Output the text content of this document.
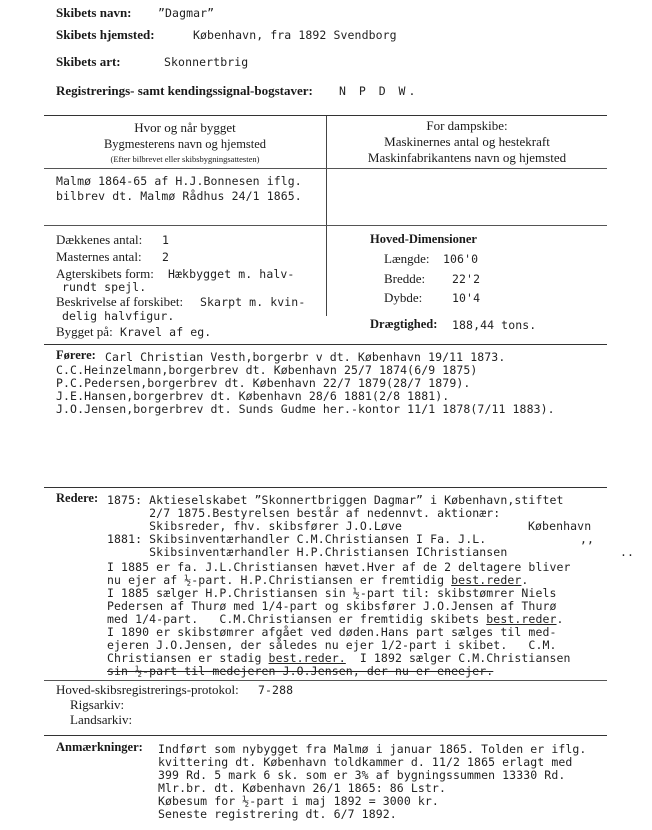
Skibets navn: ”Dagmar”
Skibets hjemsted:	København, fra 1892 Svendborg
Skibets art:	Skonnertbrig
Registrerings- samt kendingssignal-bogstaver: N P D W.
Hvor og når bygget
Bygmesterens navn og hjemsted
(Efter bilbrevet eller skibsbygningsattesten)
For dampskibe:
Maskinernes antal og hestekraft
Maskinfabrikantens navn og hjemsted
Malmø 1864-65 af H.J.Bonnesen iflg.
bilbrev dt. Malmø Rådhus 24/1 1865.
Dækkenes antal: 1
Masternes antal: 2
Agterskibets form: Hækbygget m. halv-
rundt spejl.
Beskrivelse af forskibet: Skarpt m. kvin-
delig halvfigur.
Bygget på: Kravel af eg.
Hoved-Dimensioner
Længde: 106'0
Bredde: 22'2
Dybde:	10'4
Drægtighed: 188,44 tons.
Førere: Carl Christian Vesth,borgerbr v dt. København 19/11 1873.
C.C.Heinzelmann,borgerbrev dt. København 25/7 1874(6/9 1875)
P.C.Pedersen,borgerbrev dt. København 22/7 1879(28/7 1879).
J.E.Hansen,borgerbrev dt. København 28/6 1881(2/8 1881).
J.O.Jensen,borgerbrev dt. Sunds Gudme her.-kontor 11/1 1878(7/11 1883).
Redere: 1875: Aktieselskabet ”Skonnertbriggen Dagmar” i København,stiftet
2/7 1875.Bestyrelsen består af nedennvt. aktionær:
Skibsreder, fhv. skibsfører J.O.Løve	København
1881: Skibsinventærhandler C.M.Christiansen I Fa. J.L.	,,
Skibsinventærhandler H.P.Christiansen IChristiansen	..
I 1885 er fa. J.L.Christiansen hævet.Hver af de 2 deltagere bliver
nu ejer af ½-part. H.P.Christiansen er fremtidig best.reder.
I 1885 sælger H.P.Christiansen sin ½-part til: skibstømrer Niels
Pedersen af Thurø med 1/4-part og skibsfører J.O.Jensen af Thurø
med 1/4-part.   C.M.Christiansen er fremtidig skibets best.reder.
I 1890 er skibstømrer afgået ved døden.Hans part sælges til med-
ejeren J.O.Jensen, der således nu ejer 1/2-part i skibet.   C.M.
Christiansen er stadig best.reder.  I 1892 sælger C.M.Christiansen
sin ½-part til medejeren J.O.Jensen, der nu er eneejer.
Hoved-skibsregistrerings-protokol: 7-288
Rigsarkiv:
Landsarkiv:
Anmærkninger: Indført som nybygget fra Malmø i januar 1865. Tolden er iflg.
kvittering dt. København toldkammer d. 11/2 1865 erlagt med
399 Rd. 5 mark 6 sk. som er 3% af bygningssummen 13330 Rd.
Mlr.br. dt. København 26/1 1865: 86 Lstr.
Købesum for ½-part i maj 1892 = 3000 kr.
Seneste registrering dt. 6/7 1892.
